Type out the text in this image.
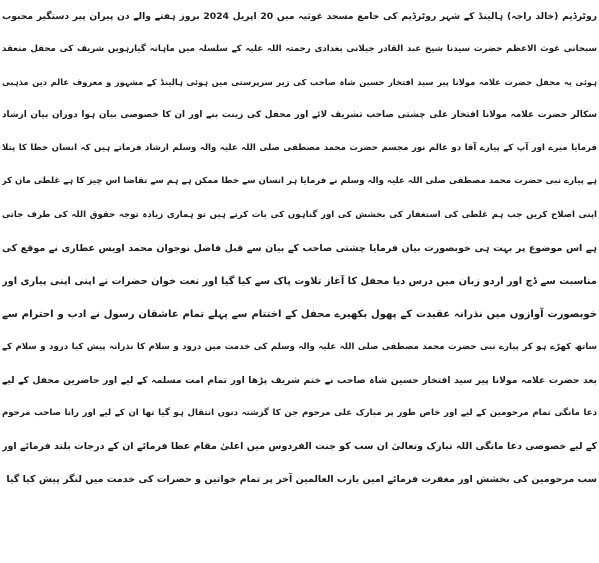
روٹرڈیم (خالد راجہ) ہالینڈ کے شہر روٹرڈیم کی جامع مسجد غوثیہ میں 20 اپریل 2024 بروز ہفتے والے دن پیران پیر دستگیر محبوب
سبحانی غوث الاعظم حضرت سیدنا شیخ عبد القادر جیلانی بغدادی رحمتہ اللہ علیہ کے سلسلہ میں ماہانہ گیارہویں شریف کی محفل منعقد
ہوئی یہ محفل حضرت علامہ مولانا پیر سید افتخار حسین شاہ صاحب کی زیر سرپرستی میں ہوئی ہالینڈ کے مشہور و معروف عالم دین مذہبی
سکالر حضرت علامہ مولانا افتخار علی چشتی صاحب تشریف لائے اور محفل کی زینت بنے اور ان کا خصوصی بیان ہوا دوران بیان ارشاد
فرمایا میرے اور آپ کے پیارے آقا دو عالم نور مجسم حضرت محمد مصطفی صلی اللہ علیہ والہ وسلم ارشاد فرماتے ہیں کہ انسان خطا کا پتلا
ہے پیارے نبی حضرت محمد مصطفی صلی اللہ علیہ والہ وسلم نے فرمایا ہر انسان سے خطا ممکن ہے ہم سے تقاضا اس چیز کا ہے غلطی مان کر
اپنی اصلاح کریں جب ہم غلطی کی استغفار کی بخشش کی اور گناہوں کی بات کرتے ہیں تو ہماری زیادہ توجہ حقوق اللہ کی طرف جاتی
ہے اس موضوع پر بہت ہی خوبصورت بیان فرمایا چشتی صاحب کے بیان سے قبل فاضل نوجوان محمد اویس عطاری نے موقع کی
مناسبت سے ڈچ اور اردو زبان میں درس دیا محفل کا آغاز تلاوت پاک سے کیا گیا اور نعت خوان حضرات نے اپنی اپنی پیاری اور
خوبصورت آوازوں میں نذرانہ عقیدت کے پھول بکھیرے محفل کے اختتام سے پہلے تمام عاشقان رسول نے ادب و احترام سے
ساتھ کھڑے ہو کر پیارے نبی حضرت محمد مصطفی صلی اللہ علیہ والہ وسلم کی خدمت میں درود و سلام کا نذرانہ پیش کیا درود و سلام کے
بعد حضرت علامہ مولانا پیر سید افتخار حسین شاہ صاحب نے ختم شریف پڑھا اور تمام امت مسلمہ کے لیے اور حاضرین محفل کے لیے
دعا مانگی تمام مرحومین کے لیے اور خاص طور پر مبارک علی مرحوم جن کا گزشتہ دنوں انتقال ہو گیا تھا ان کے لیے اور رانا صاحب مرحوم
کے لیے خصوصی دعا مانگی اللہ تبارک وتعالیٰ ان سب کو جنت الفردوس میں اعلیٰ مقام عطا فرمائے ان کے درجات بلند فرمائے اور
سب مرحومین کی بخشش اور مغفرت فرمائے امین یارب العالمین آخر پر تمام خواتین و حضرات کی خدمت میں لنگر پیش کیا گیا
